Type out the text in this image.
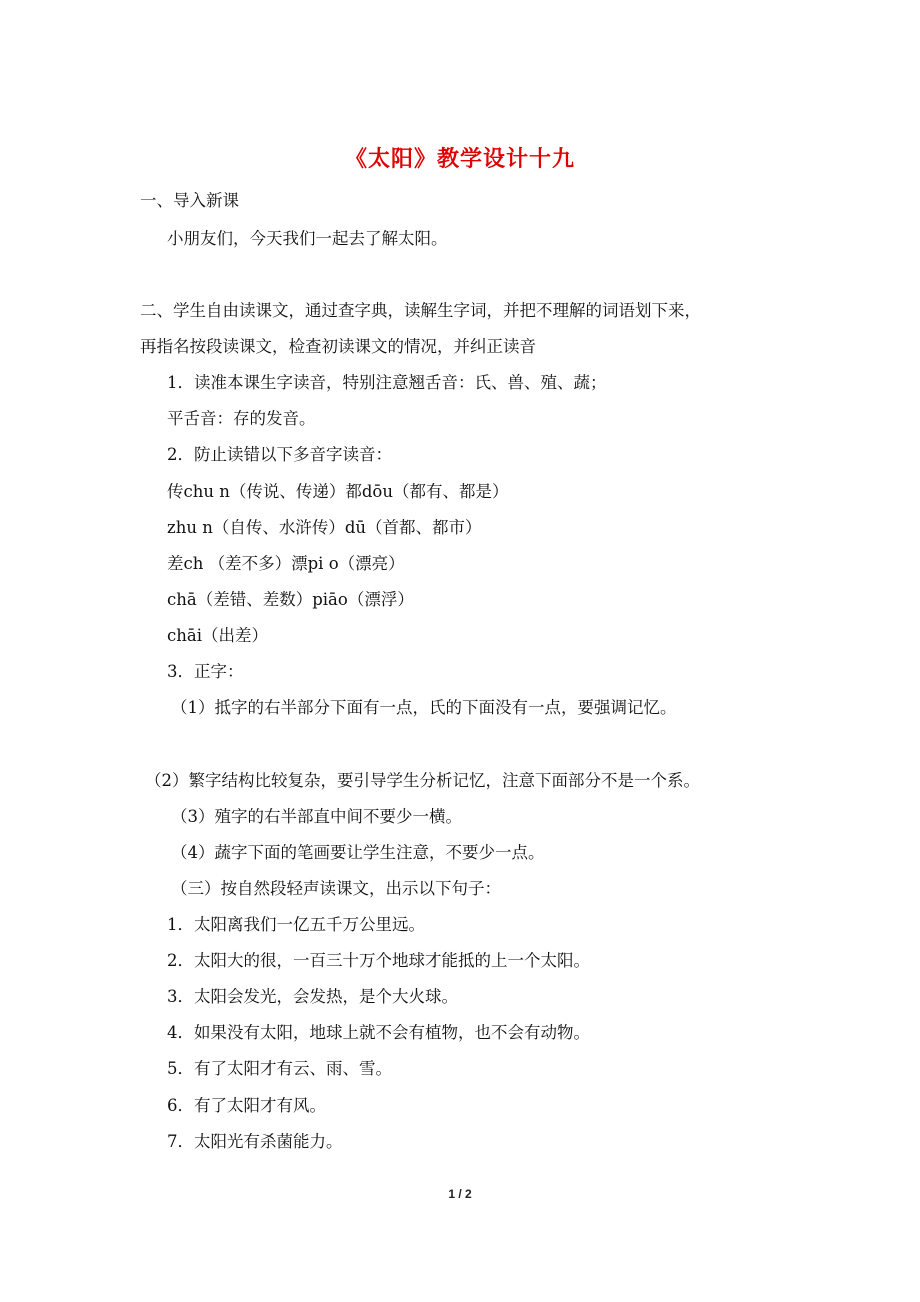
《太阳》教学设计十九
一、导入新课
小朋友们，今天我们一起去了解太阳。
二、学生自由读课文，通过查字典，读解生字词，并把不理解的词语划下来，
再指名按段读课文，检查初读课文的情况，并纠正读音
1．读准本课生字读音，特别注意翘舌音：氏、兽、殖、蔬；
平舌音：存的发音。
2．防止读错以下多音字读音：
传chu n（传说、传递）都dōu（都有、都是）
zhu n（自传、水浒传）dū（首都、都市）
差ch （差不多）漂pi o（漂亮）
chā（差错、差数）piāo（漂浮）
chāi（出差）
3．正字：
（1）抵字的右半部分下面有一点，氏的下面没有一点，要强调记忆。
（2）繁字结构比较复杂，要引导学生分析记忆，注意下面部分不是一个系。
（3）殖字的右半部直中间不要少一横。
（4）蔬字下面的笔画要让学生注意，不要少一点。
（三）按自然段轻声读课文，出示以下句子：
1．太阳离我们一亿五千万公里远。
2．太阳大的很，一百三十万个地球才能抵的上一个太阳。
3．太阳会发光，会发热，是个大火球。
4．如果没有太阳，地球上就不会有植物，也不会有动物。
5．有了太阳才有云、雨、雪。
6．有了太阳才有风。
7．太阳光有杀菌能力。
1 / 2
